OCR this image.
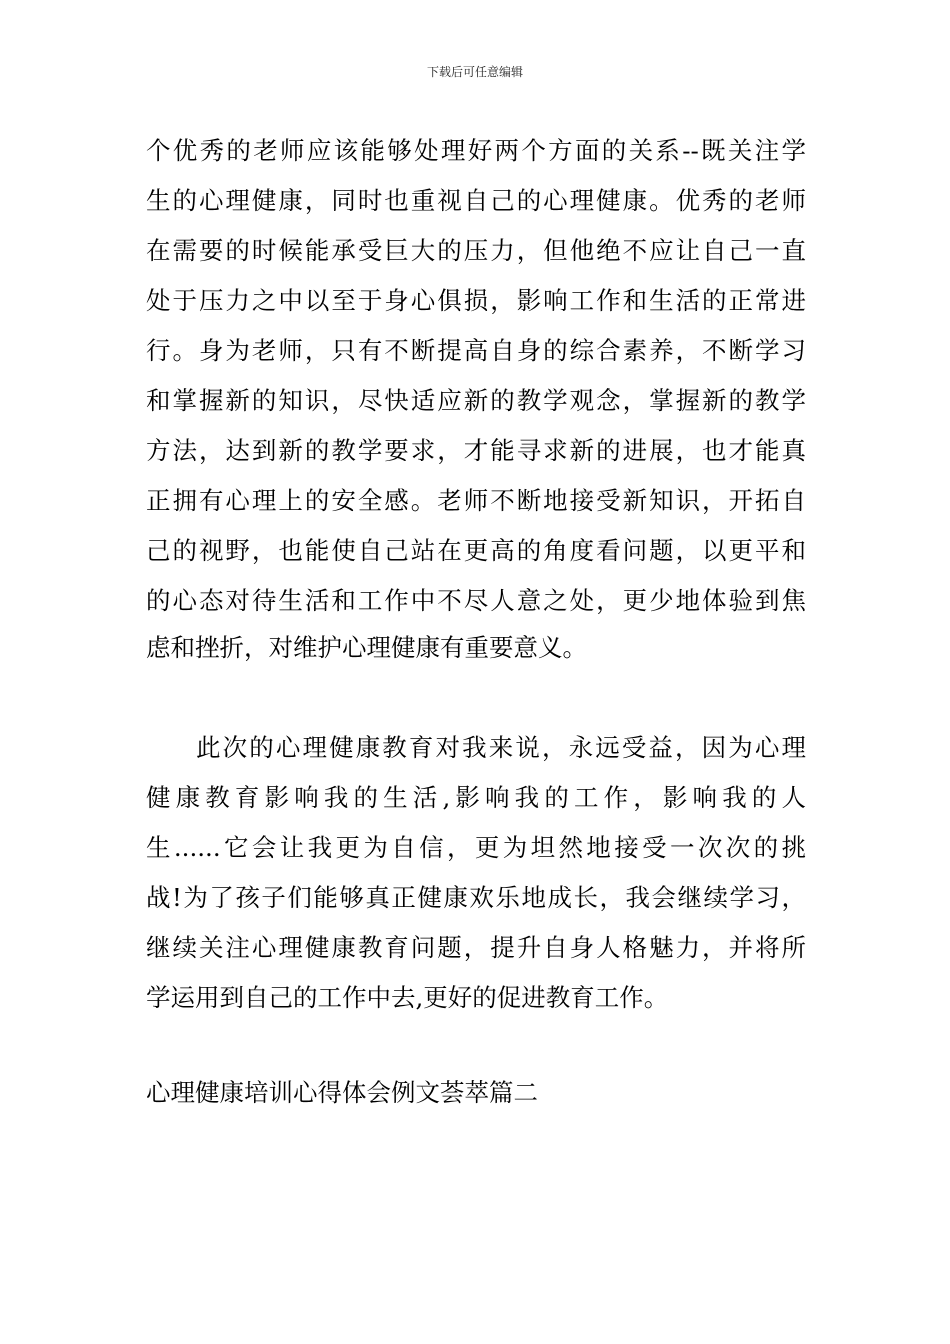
下载后可任意编辑
个优秀的老师应该能够处理好两个方面的关系--既关注学
生的心理健康，同时也重视自己的心理健康。优秀的老师
在需要的时候能承受巨大的压力，但他绝不应让自己一直
处于压力之中以至于身心俱损，影响工作和生活的正常进
行。身为老师，只有不断提高自身的综合素养，不断学习
和掌握新的知识，尽快适应新的教学观念，掌握新的教学
方法，达到新的教学要求，才能寻求新的进展，也才能真
正拥有心理上的安全感。老师不断地接受新知识，开拓自
己的视野，也能使自己站在更高的角度看问题，以更平和
的心态对待生活和工作中不尽人意之处，更少地体验到焦
虑和挫折，对维护心理健康有重要意义。
此次的心理健康教育对我来说，永远受益，因为心理
健康教育影响我的生活,影响我的工作，影响我的人
生......它会让我更为自信，更为坦然地接受一次次的挑
战!为了孩子们能够真正健康欢乐地成长，我会继续学习，
继续关注心理健康教育问题，提升自身人格魅力，并将所
学运用到自己的工作中去,更好的促进教育工作。
心理健康培训心得体会例文荟萃篇二
